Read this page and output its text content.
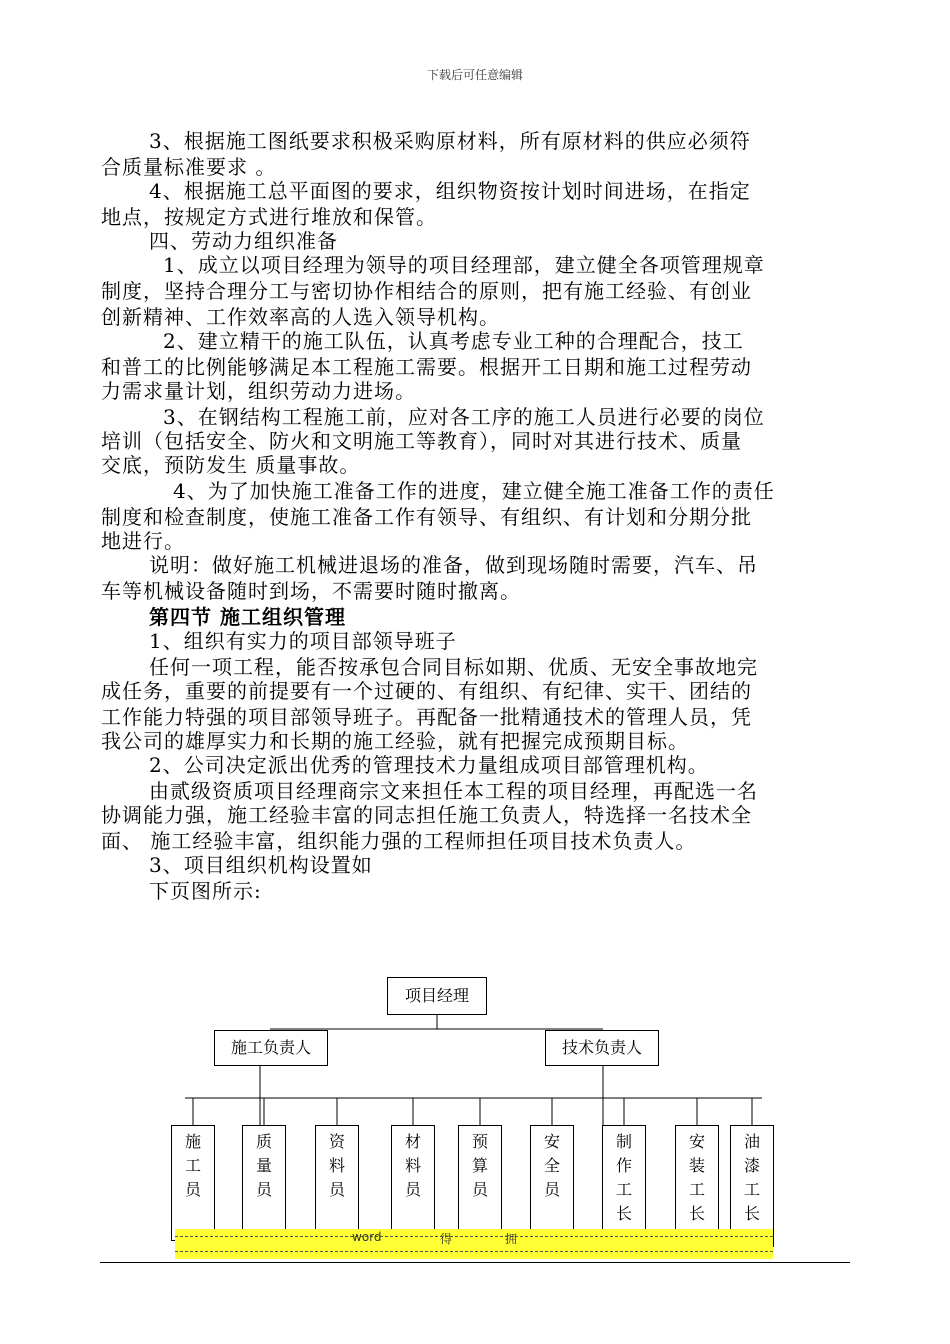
下载后可任意编辑
3、根据施工图纸要求积极采购原材料，所有原材料的供应必须符
合质量标准要求 。
4、根据施工总平面图的要求，组织物资按计划时间进场，在指定
地点，按规定方式进行堆放和保管。
四、劳动力组织准备
1、成立以项目经理为领导的项目经理部，建立健全各项管理规章
制度，坚持合理分工与密切协作相结合的原则，把有施工经验、有创业
创新精神、工作效率高的人选入领导机构。
2、建立精干的施工队伍，认真考虑专业工种的合理配合，技工
和普工的比例能够满足本工程施工需要。根据开工日期和施工过程劳动
力需求量计划，组织劳动力进场。
3、在钢结构工程施工前，应对各工序的施工人员进行必要的岗位
培训（包括安全、防火和文明施工等教育），同时对其进行技术、质量
交底，预防发生 质量事故。
4、为了加快施工准备工作的进度，建立健全施工准备工作的责任
制度和检查制度，使施工准备工作有领导、有组织、有计划和分期分批
地进行。
说明：做好施工机械进退场的准备，做到现场随时需要，汽车、吊
车等机械设备随时到场，不需要时随时撤离。
第四节 施工组织管理
1、组织有实力的项目部领导班子
任何一项工程，能否按承包合同目标如期、优质、无安全事故地完
成任务，重要的前提要有一个过硬的、有组织、有纪律、实干、团结的
工作能力特强的项目部领导班子。再配备一批精通技术的管理人员，凭
我公司的雄厚实力和长期的施工经验，就有把握完成预期目标。
2、公司决定派出优秀的管理技术力量组成项目部管理机构。
由贰级资质项目经理商宗文来担任本工程的项目经理，再配选一名
协调能力强，施工经验丰富的同志担任施工负责人，特选择一名技术全
面、 施工经验丰富，组织能力强的工程师担任项目技术负责人。
3、项目组织机构设置如
下页图所示:
项目经理
施工负责人	技术负责人
施工员
质量员
资料员
材料员
预算员
安全员
制作工长
安装工长
油漆工长
word	得	拥
